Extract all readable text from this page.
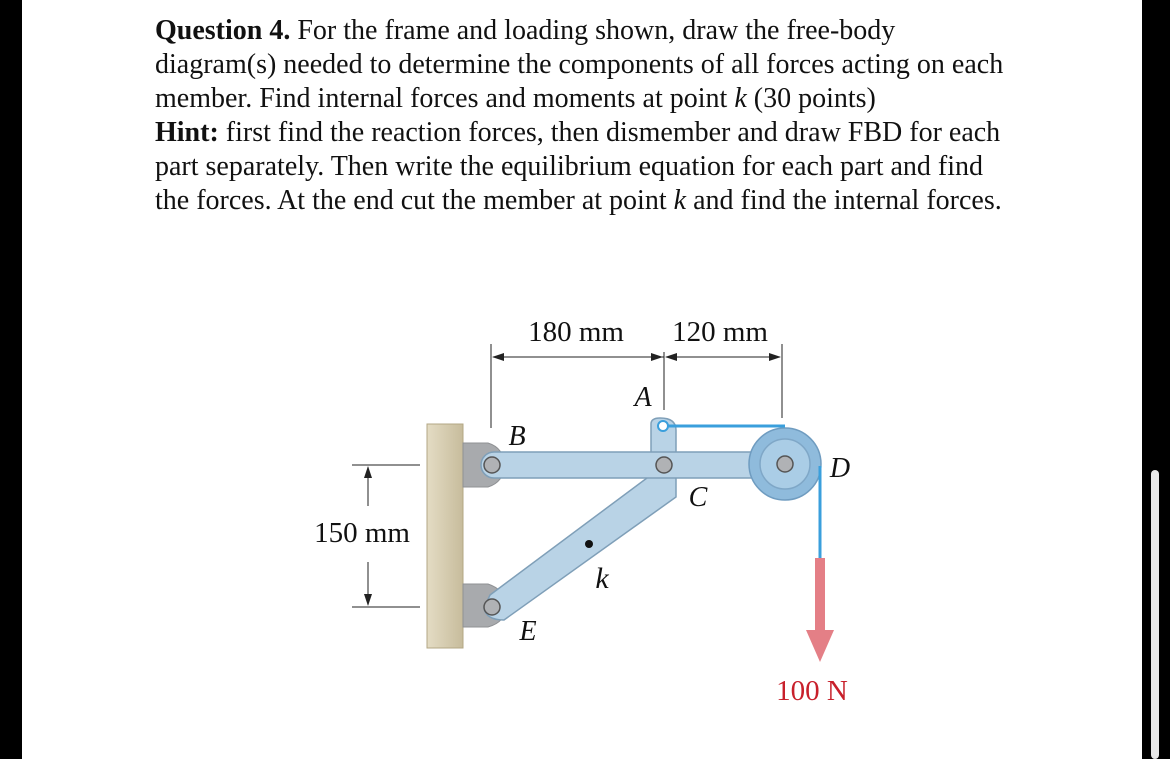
Question 4. For the frame and loading shown, draw the free-body diagram(s) needed to determine the components of all forces acting on each member. Find internal forces and moments at point k (30 points)

Hint: first find the reaction forces, then dismember and draw FBD for each part separately. Then write the equilibrium equation for each part and find the forces. At the end cut the member at point k and find the internal forces.

180 mm 120 mm
150 mm
A
B
C
D
E
k
100 N
